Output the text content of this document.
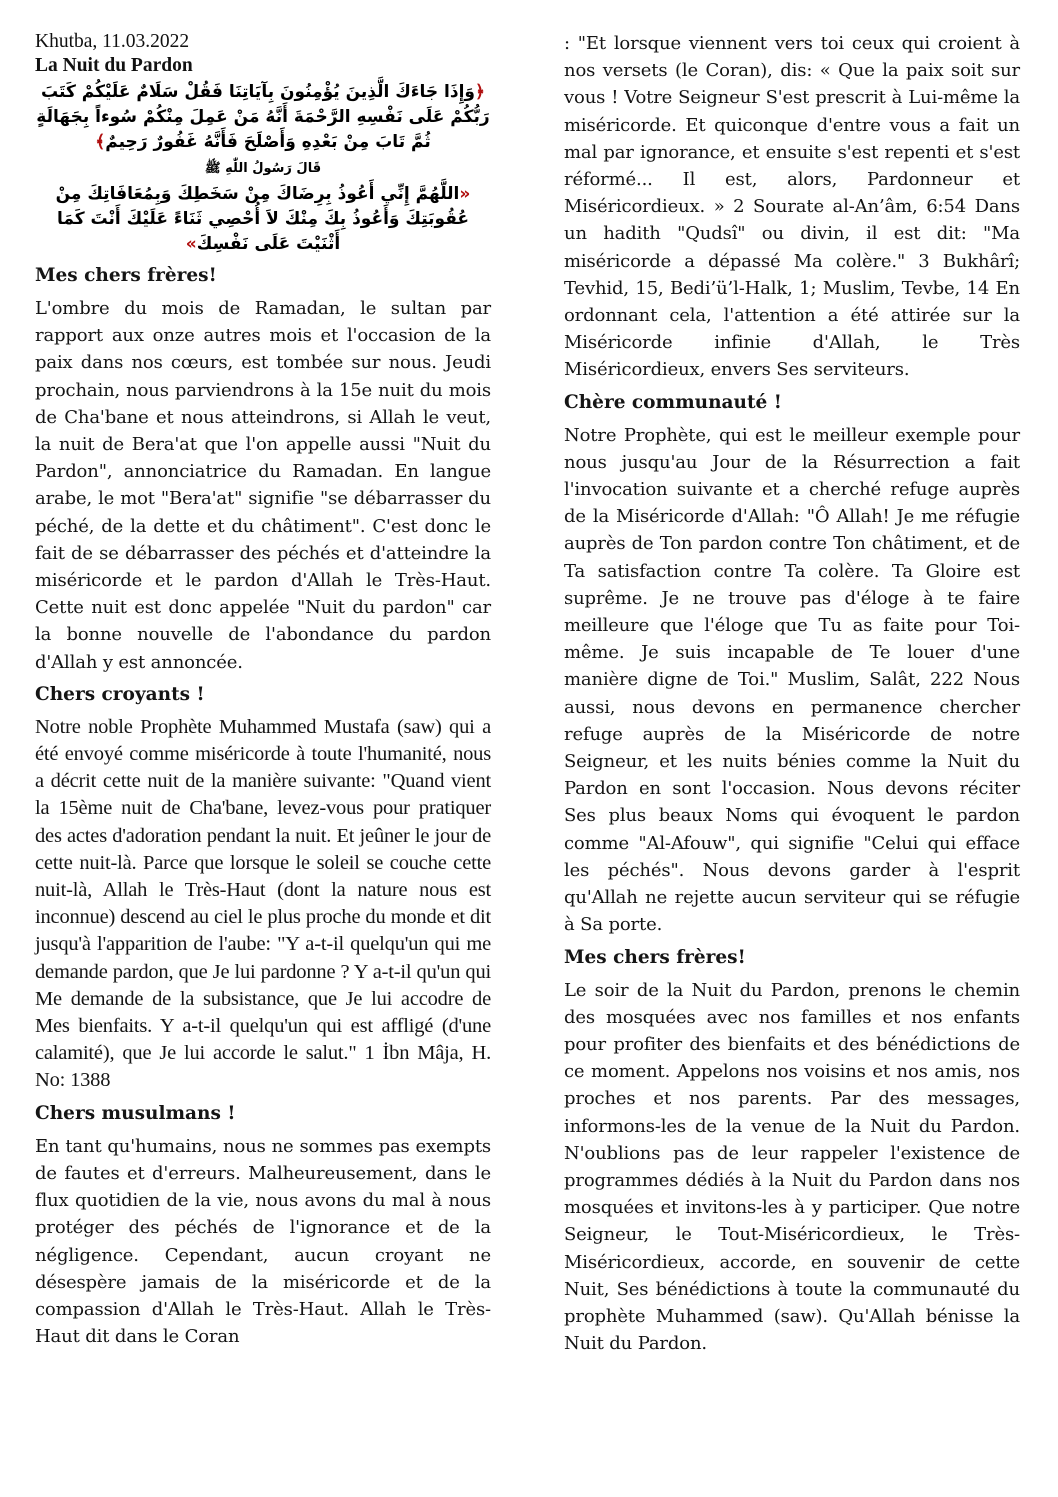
Khutba, 11.03.2022

La Nuit du Pardon

﴿وَإِذَا جَاءَكَ الَّذِينَ يُؤْمِنُونَ بِآيَاتِنَا فَقُلْ سَلَامٌ عَلَيْكُمْ كَتَبَ رَبُّكُمْ عَلَى نَفْسِهِ الرَّحْمَةَ أَنَّهُ مَنْ عَمِلَ مِنْكُمْ سُوءاً بِجَهَالَةٍ ثُمَّ تَابَ مِنْ بَعْدِهِ وَأَصْلَحَ فَأَنَّهُ غَفُورٌ رَحِيمٌ﴾

قَالَ رَسُولُ اللّٰهِ ﷺ

«اللَّهُمَّ إِنِّي أَعُوذُ بِرِضَاكَ مِنْ سَخَطِكَ وَبِمُعَافَاتِكَ مِنْ عُقُوبَتِكَ وَأَعُوذُ بِكَ مِنْكَ لاَ أُحْصِي ثَنَاءً عَلَيْكَ أَنْتَ كَمَا أَثْنَيْتَ عَلَى نَفْسِكَ»

Mes chers frères!

L'ombre du mois de Ramadan, le sultan par rapport aux onze autres mois et l'occasion de la paix dans nos cœurs, est tombée sur nous. Jeudi prochain, nous parviendrons à la 15e nuit du mois de Cha'bane et nous atteindrons, si Allah le veut, la nuit de Bera'at que l'on appelle aussi "Nuit du Pardon", annonciatrice du Ramadan. En langue arabe, le mot "Bera'at" signifie "se débarrasser du péché, de la dette et du châtiment". C'est donc le fait de se débarrasser des péchés et d'atteindre la miséricorde et le pardon d'Allah le Très-Haut. Cette nuit est donc appelée "Nuit du pardon" car la bonne nouvelle de l'abondance du pardon d'Allah y est annoncée.

Chers croyants !

Notre noble Prophète Muhammed Mustafa (saw) qui a été envoyé comme miséricorde à toute l'humanité, nous a décrit cette nuit de la manière suivante: "Quand vient la 15ème nuit de Cha'bane, levez-vous pour pratiquer des actes d'adoration pendant la nuit. Et jeûner le jour de cette nuit-là. Parce que lorsque le soleil se couche cette nuit-là, Allah le Très-Haut (dont la nature nous est inconnue) descend au ciel le plus proche du monde et dit jusqu'à l'apparition de l'aube: "Y a-t-il quelqu'un qui me demande pardon, que Je lui pardonne ? Y a-t-il qu'un qui Me demande de la subsistance, que Je lui accodre de Mes bienfaits. Y a-t-il quelqu'un qui est affligé (d'une calamité), que Je lui accorde le salut." 1 İbn Mâja, H. No: 1388

Chers musulmans !

En tant qu'humains, nous ne sommes pas exempts de fautes et d'erreurs. Malheureusement, dans le flux quotidien de la vie, nous avons du mal à nous protéger des péchés de l'ignorance et de la négligence. Cependant, aucun croyant ne désespère jamais de la miséricorde et de la compassion d'Allah le Très-Haut. Allah le Très-Haut dit dans le Coran

: "Et lorsque viennent vers toi ceux qui croient à nos versets (le Coran), dis: « Que la paix soit sur vous ! Votre Seigneur S'est prescrit à Lui-même la miséricorde. Et quiconque d'entre vous a fait un mal par ignorance, et ensuite s'est repenti et s'est réformé... Il est, alors, Pardonneur et Miséricordieux. » 2 Sourate al-An’âm, 6:54 Dans un hadith "Qudsî" ou divin, il est dit: "Ma miséricorde a dépassé Ma colère." 3 Bukhârî; Tevhid, 15, Bedi’ü’l-Halk, 1; Muslim, Tevbe, 14 En ordonnant cela, l'attention a été attirée sur la Miséricorde infinie d'Allah, le Très Miséricordieux, envers Ses serviteurs.

Chère communauté !

Notre Prophète, qui est le meilleur exemple pour nous jusqu'au Jour de la Résurrection a fait l'invocation suivante et a cherché refuge auprès de la Miséricorde d'Allah: "Ô Allah! Je me réfugie auprès de Ton pardon contre Ton châtiment, et de Ta satisfaction contre Ta colère. Ta Gloire est suprême. Je ne trouve pas d'éloge à te faire meilleure que l'éloge que Tu as faite pour Toi-même. Je suis incapable de Te louer d'une manière digne de Toi." Muslim, Salât, 222 Nous aussi, nous devons en permanence chercher refuge auprès de la Miséricorde de notre Seigneur, et les nuits bénies comme la Nuit du Pardon en sont l'occasion. Nous devons réciter Ses plus beaux Noms qui évoquent le pardon comme "Al-Afouw", qui signifie "Celui qui efface les péchés". Nous devons garder à l'esprit qu'Allah ne rejette aucun serviteur qui se réfugie à Sa porte.

Mes chers frères!

Le soir de la Nuit du Pardon, prenons le chemin des mosquées avec nos familles et nos enfants pour profiter des bienfaits et des bénédictions de ce moment. Appelons nos voisins et nos amis, nos proches et nos parents. Par des messages, informons-les de la venue de la Nuit du Pardon. N'oublions pas de leur rappeler l'existence de programmes dédiés à la Nuit du Pardon dans nos mosquées et invitons-les à y participer. Que notre Seigneur, le Tout-Miséricordieux, le Très-Miséricordieux, accorde, en souvenir de cette Nuit, Ses bénédictions à toute la communauté du prophète Muhammed (saw). Qu'Allah bénisse la Nuit du Pardon.
